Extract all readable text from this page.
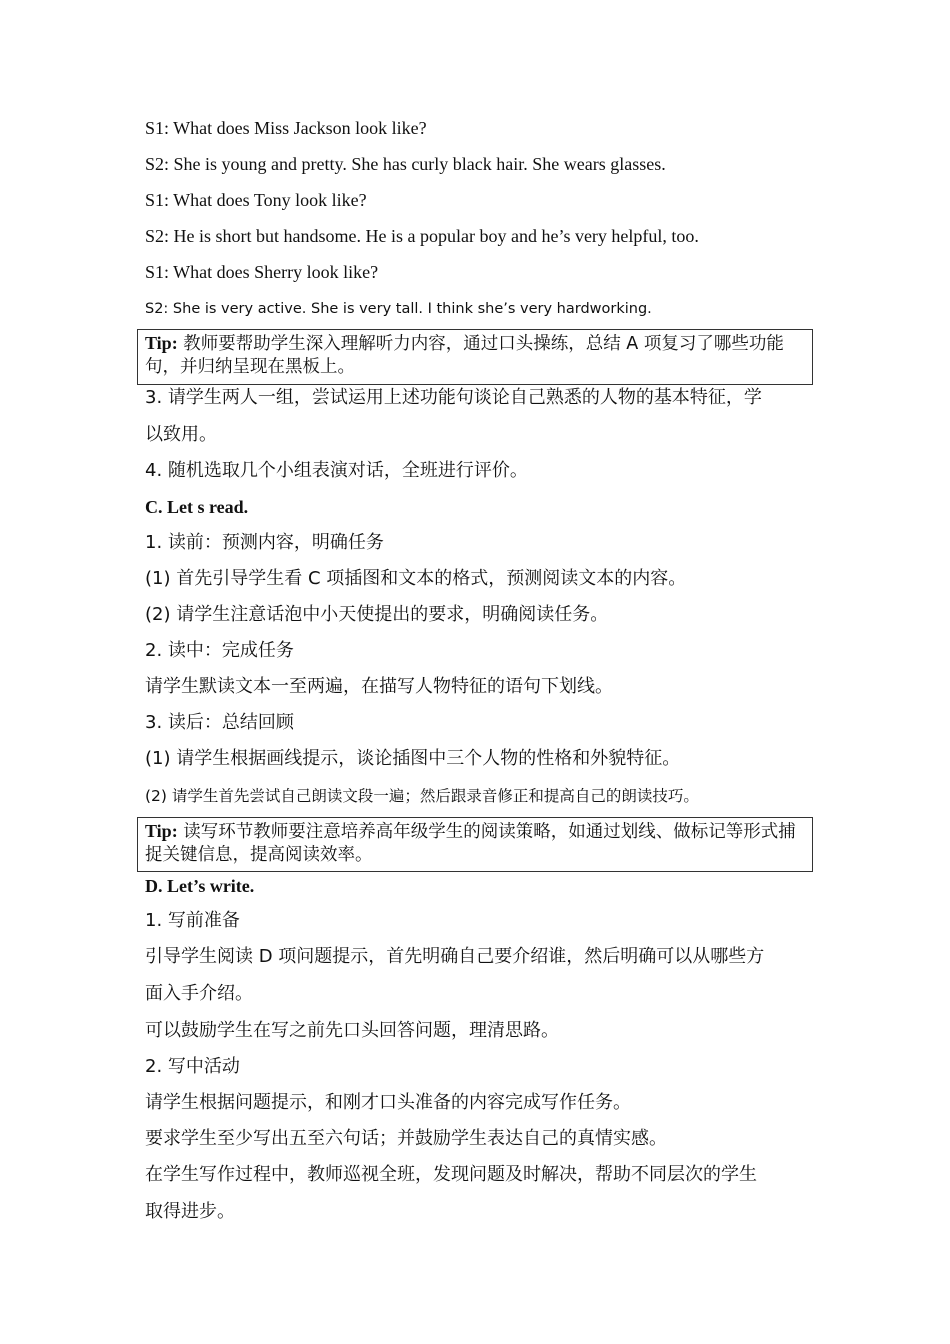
S1: What does Miss Jackson look like?

S2: She is young and pretty. She has curly black hair. She wears glasses.

S1: What does Tony look like?

S2: He is short but handsome. He is a popular boy and he’s very helpful, too.

S1: What does Sherry look like?

S2: She is very active. She is very tall. I think she’s very hardworking.

Tip: 教师要帮助学生深入理解听力内容，通过口头操练，总结 A 项复习了哪些功能句，并归纳呈现在黑板上。

3. 请学生两人一组，尝试运用上述功能句谈论自己熟悉的人物的基本特征，学

以致用。

4. 随机选取几个小组表演对话，全班进行评价。

C. Let s read.

1. 读前：预测内容，明确任务

(1) 首先引导学生看 C 项插图和文本的格式，预测阅读文本的内容。

(2) 请学生注意话泡中小天使提出的要求，明确阅读任务。

2. 读中：完成任务

请学生默读文本一至两遍，在描写人物特征的语句下划线。

3. 读后：总结回顾

(1) 请学生根据画线提示，谈论插图中三个人物的性格和外貌特征。

(2) 请学生首先尝试自己朗读文段一遍；然后跟录音修正和提高自己的朗读技巧。

Tip: 读写环节教师要注意培养高年级学生的阅读策略，如通过划线、做标记等形式捕捉关键信息，提高阅读效率。

D. Let’s write.

1. 写前准备

引导学生阅读 D 项问题提示，首先明确自己要介绍谁，然后明确可以从哪些方

面入手介绍。

可以鼓励学生在写之前先口头回答问题，理清思路。

2. 写中活动

请学生根据问题提示，和刚才口头准备的内容完成写作任务。

要求学生至少写出五至六句话；并鼓励学生表达自己的真情实感。

在学生写作过程中，教师巡视全班，发现问题及时解决，帮助不同层次的学生

取得进步。
